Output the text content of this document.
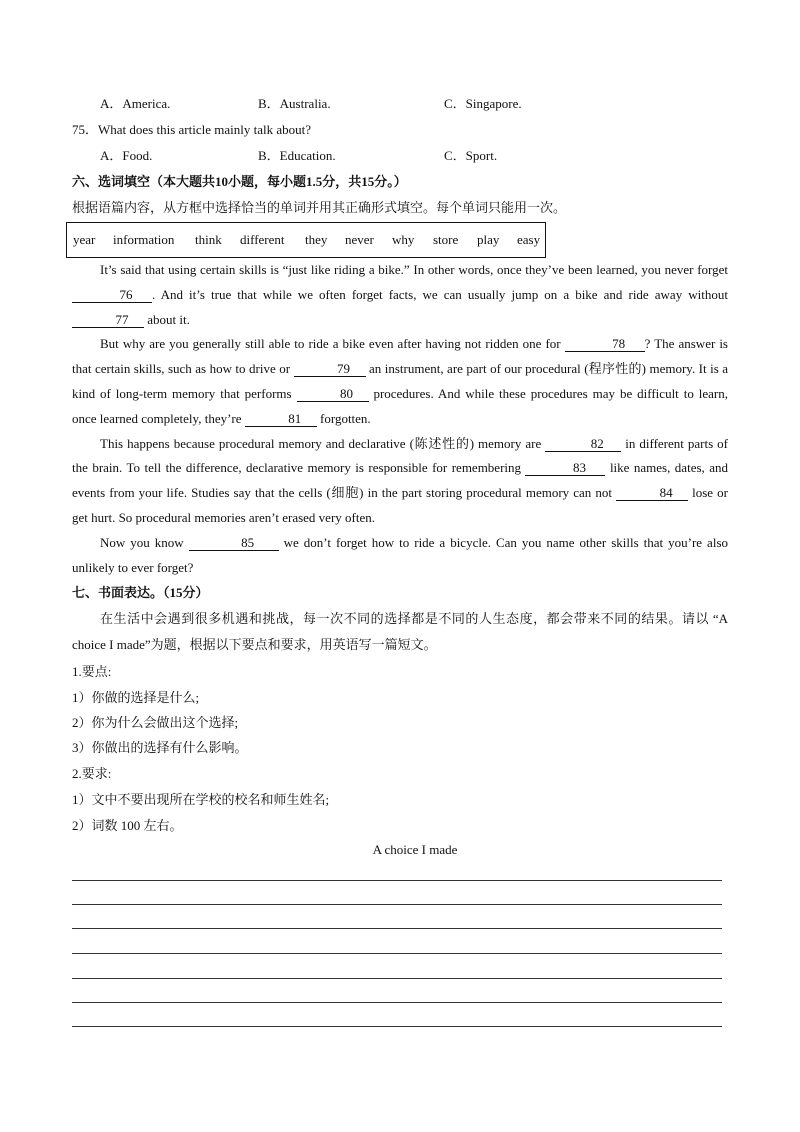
A．America.	B．Australia.	C．Singapore.
75．What does this article mainly talk about?
A．Food.	B．Education.	C．Sport.
六、选词填空（本大题共10小题，每小题1.5分，共15分。）
根据语篇内容，从方框中选择恰当的单词并用其正确形式填空。每个单词只能用一次。
year information think different they never why store play easy

It’s said that using certain skills is “just like riding a bike.” In other words, once they’ve been learned, you never forget 76 . And it’s true that while we often forget facts, we can usually jump on a bike and ride away without 77 about it.

But why are you generally still able to ride a bike even after having not ridden one for	78 ? The answer is that certain skills, such as how to drive or	79 an instrument, are part of our procedural (程序性的) memory. It is a kind of long-term memory that performs	80 procedures. And while these procedures may be difficult to learn, once learned completely, they’re	81 forgotten.

This happens because procedural memory and declarative (陈述性的) memory are	82 in different parts of the brain. To tell the difference, declarative memory is responsible for remembering	83 like names, dates, and events from your life. Studies say that the cells (细胞) in the part storing procedural memory can not	84 lose or get hurt. So procedural memories aren’t erased very often.

Now you know	85 we don’t forget how to ride a bicycle. Can you name other skills that you’re also unlikely to ever forget?

七、书面表达。（15分）

在生活中会遇到很多机遇和挑战，每一次不同的选择都是不同的人生态度，都会带来不同的结果。请以 “A choice I made”为题，根据以下要点和要求，用英语写一篇短文。

1.要点:
1）你做的选择是什么;
2）你为什么会做出这个选择;
3）你做出的选择有什么影响。
2.要求:
1）文中不要出现所在学校的校名和师生姓名;
2）词数 100 左右。
A choice I made
